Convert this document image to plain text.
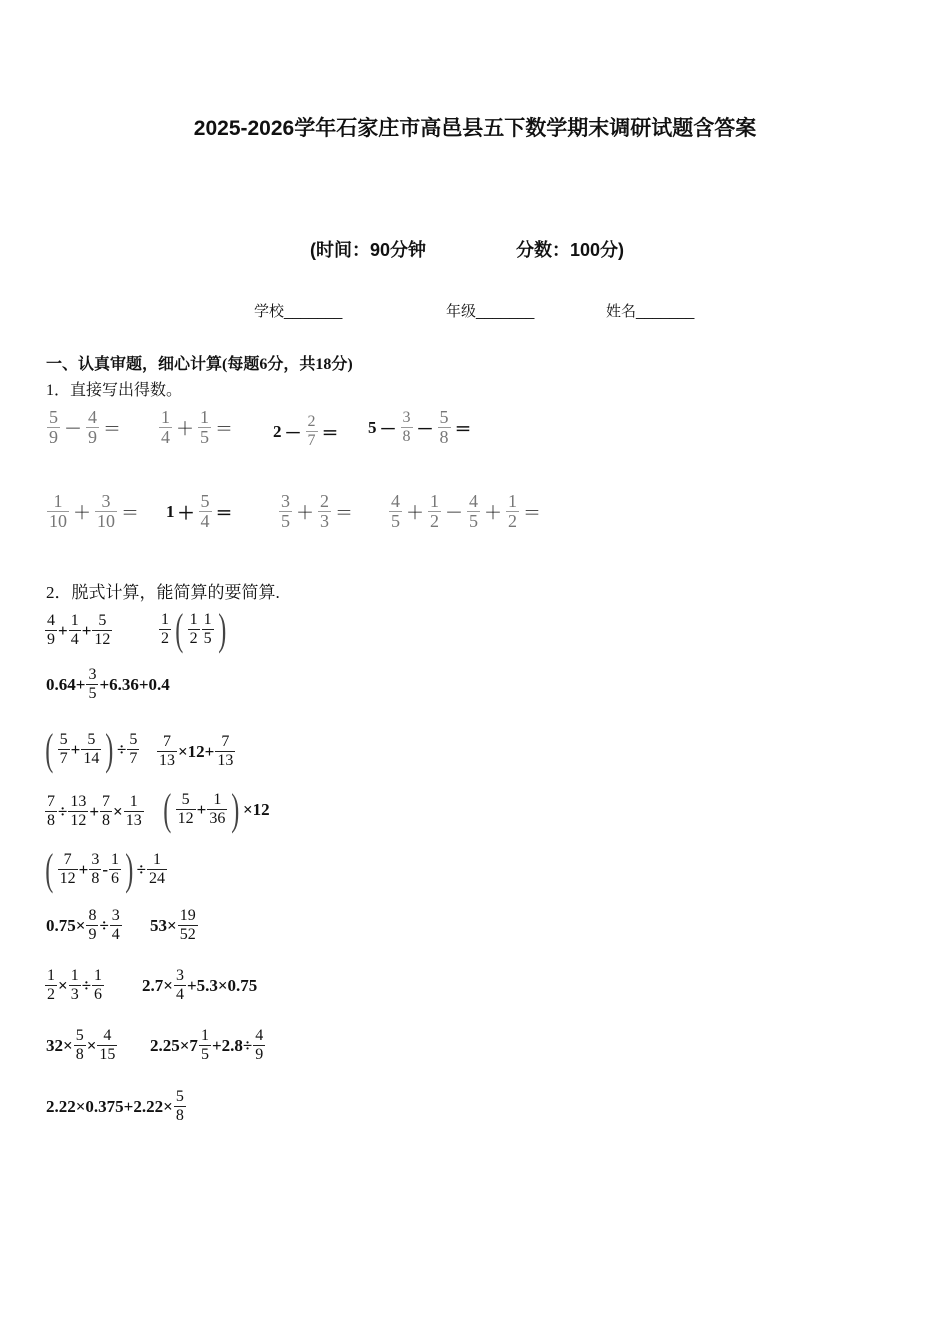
2025-2026学年石家庄市高邑县五下数学期末调研试题含答案
(时间：90分钟	分数：100分)
学校_______	年级_______	姓名_______
一、认真审题，细心计算(每题6分，共18分)
1．直接写出得数。
$\frac{5}{9} - \frac{4}{9} = \frac{1}{4} + \frac{1}{5} = 2 - \frac{2}{7} = 5 - \frac{3}{8} - \frac{5}{8}$ ＝
$\frac{1}{10} + \frac{3}{10} = 1 + \frac{5}{4}$ ＝	$\frac{3}{5} + \frac{2}{3} = \frac{4}{5} + \frac{1}{2} - \frac{4}{5} + \frac{1}{2}$ ＝
2．脱式计算，能简算的要简算.
$\frac{4}{9} + \frac{1}{4} + \frac{5}{12}$	$\frac{1}{2}$ ( $\frac{1}{2} \frac{1}{5}$ )
$0.64+ \frac{3}{5} +6.36+0.4$
( $\frac{5}{7} + \frac{5}{14}$ ) ÷ $\frac{5}{7} \frac{7}{13} \times 12+ \frac{7}{13}$
$\frac{7}{8} \div \frac{13}{12} + \frac{7}{8} \times \frac{1}{13}$ ( $\frac{5}{12} + \frac{1}{36}$ ) ×12
( $\frac{7}{12} + \frac{3}{8} - \frac{1}{6}$ ) ÷ $\frac{1}{24}$
$0.75\times \frac{8}{9} \div \frac{3}{4} 53\times \frac{19}{52}$
$\frac{1}{2} \times \frac{1}{3} \div \frac{1}{6} 2.7\times \frac{3}{4} +5.3\times 0.75$
$32\times \frac{5}{8} \times \frac{4}{15} 2.25\times 7 \frac{1}{5} +2.8\div \frac{4}{9}$
$2.22\times 0.375+2.22\times \frac{5}{8}$
